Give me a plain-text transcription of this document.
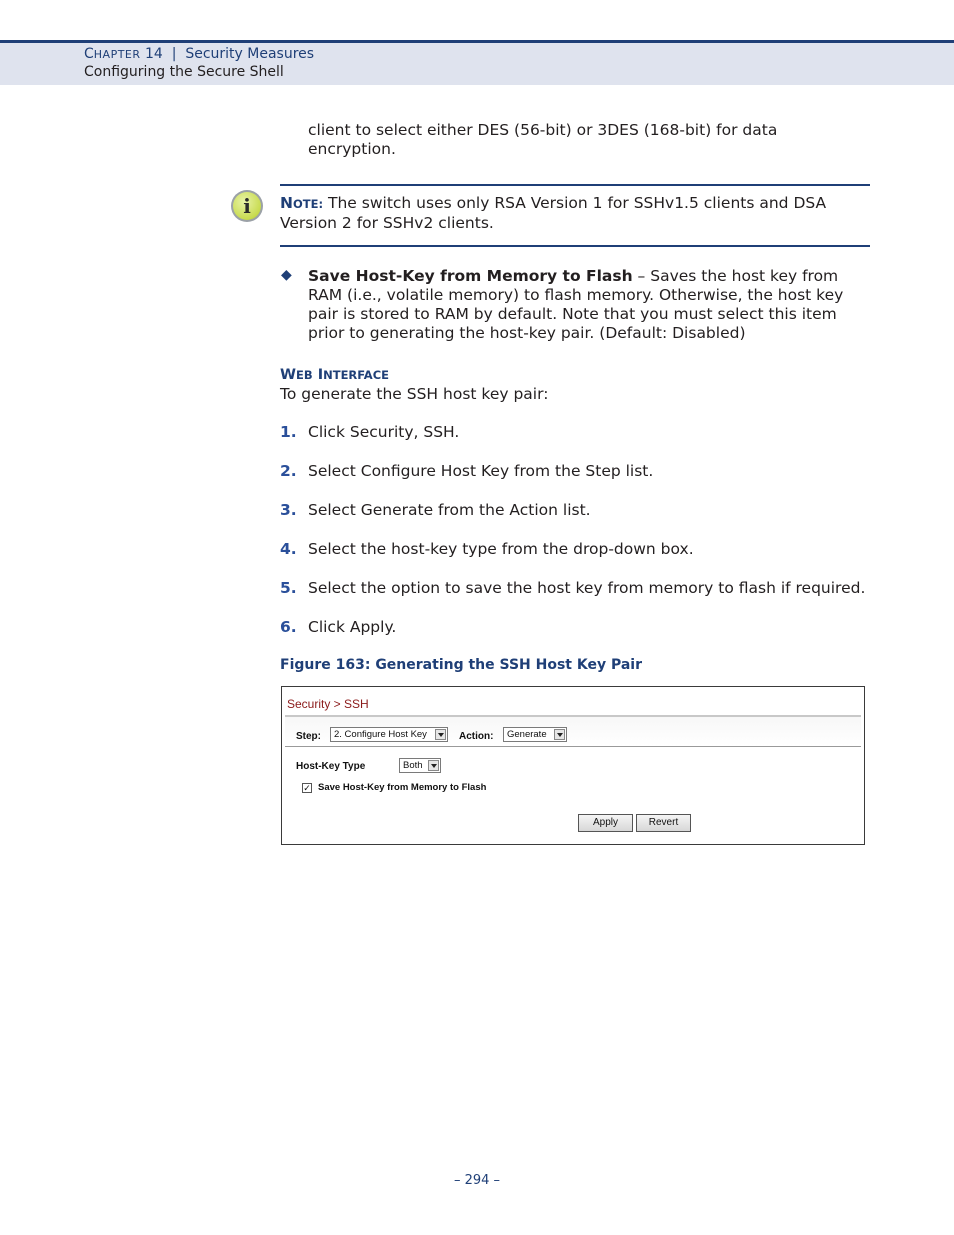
CHAPTER 14 | Security Measures
Configuring the Secure Shell
client to select either DES (56-bit) or 3DES (168-bit) for data
encryption.
i	NOTE: The switch uses only RSA Version 1 for SSHv1.5 clients and DSA
Version 2 for SSHv2 clients.
◆ Save Host-Key from Memory to Flash – Saves the host key from
RAM (i.e., volatile memory) to flash memory. Otherwise, the host key
pair is stored to RAM by default. Note that you must select this item
prior to generating the host-key pair. (Default: Disabled)
WEB INTERFACE
To generate the SSH host key pair:
1. Click Security, SSH.
2. Select Configure Host Key from the Step list.
3. Select Generate from the Action list.
4. Select the host-key type from the drop-down box.
5. Select the option to save the host key from memory to flash if required.
6. Click Apply.
Figure 163: Generating the SSH Host Key Pair
Security > SSH
Step:	2. Configure Host Key	Action:	Generate
Host-Key Type	Both
✓ Save Host-Key from Memory to Flash
Apply	Revert
– 294 –
